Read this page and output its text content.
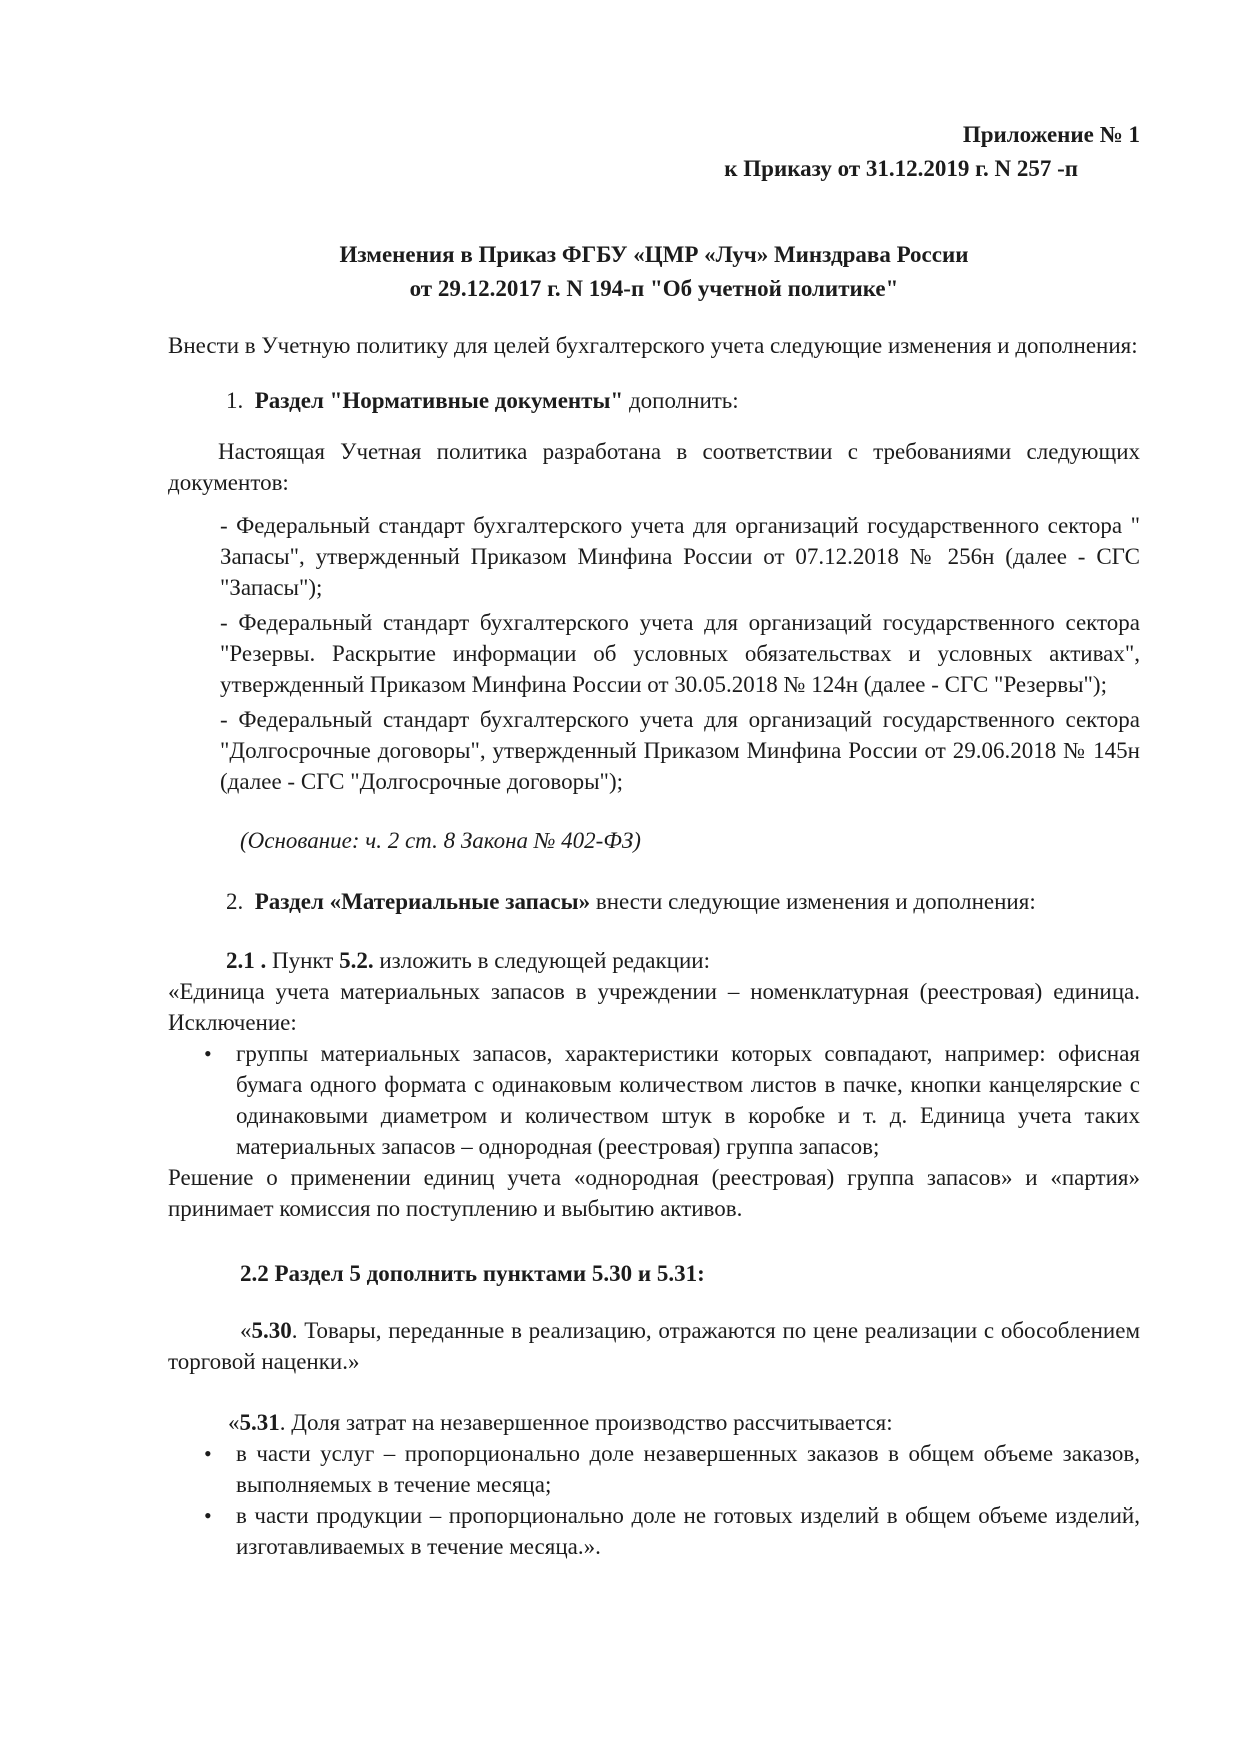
Приложение № 1
к Приказу от 31.12.2019 г. N 257 -п
Изменения в Приказ ФГБУ «ЦМР «Луч» Минздрава России
от 29.12.2017 г. N 194-п "Об учетной политике"

Внести в Учетную политику для целей бухгалтерского учета следующие изменения и дополнения:

1. Раздел "Нормативные документы" дополнить:

Настоящая Учетная политика разработана в соответствии с требованиями следующих документов:

- Федеральный стандарт бухгалтерского учета для организаций государственного сектора " Запасы", утвержденный Приказом Минфина России от 07.12.2018 № 256н (далее - СГС "Запасы");

- Федеральный стандарт бухгалтерского учета для организаций государственного сектора "Резервы. Раскрытие информации об условных обязательствах и условных активах", утвержденный Приказом Минфина России от 30.05.2018 № 124н (далее - СГС "Резервы");

- Федеральный стандарт бухгалтерского учета для организаций государственного сектора "Долгосрочные договоры", утвержденный Приказом Минфина России от 29.06.2018 № 145н (далее - СГС "Долгосрочные договоры");

(Основание: ч. 2 ст. 8 Закона № 402-ФЗ)

2. Раздел «Материальные запасы» внести следующие изменения и дополнения:

2.1 . Пункт 5.2. изложить в следующей редакции:

«Единица учета материальных запасов в учреждении – номенклатурная (реестровая) единица. Исключение:

• группы материальных запасов, характеристики которых совпадают, например: офисная бумага одного формата с одинаковым количеством листов в пачке, кнопки канцелярские с одинаковыми диаметром и количеством штук в коробке и т. д. Единица учета таких материальных запасов – однородная (реестровая) группа запасов;

Решение о применении единиц учета «однородная (реестровая) группа запасов» и «партия» принимает комиссия по поступлению и выбытию активов.

2.2 Раздел 5 дополнить пунктами 5.30 и 5.31:

«5.30. Товары, переданные в реализацию, отражаются по цене реализации с обособлением торговой наценки.»

«5.31. Доля затрат на незавершенное производство рассчитывается:

• в части услуг – пропорционально доле незавершенных заказов в общем объеме заказов, выполняемых в течение месяца;
• в части продукции – пропорционально доле не готовых изделий в общем объеме изделий, изготавливаемых в течение месяца.».
